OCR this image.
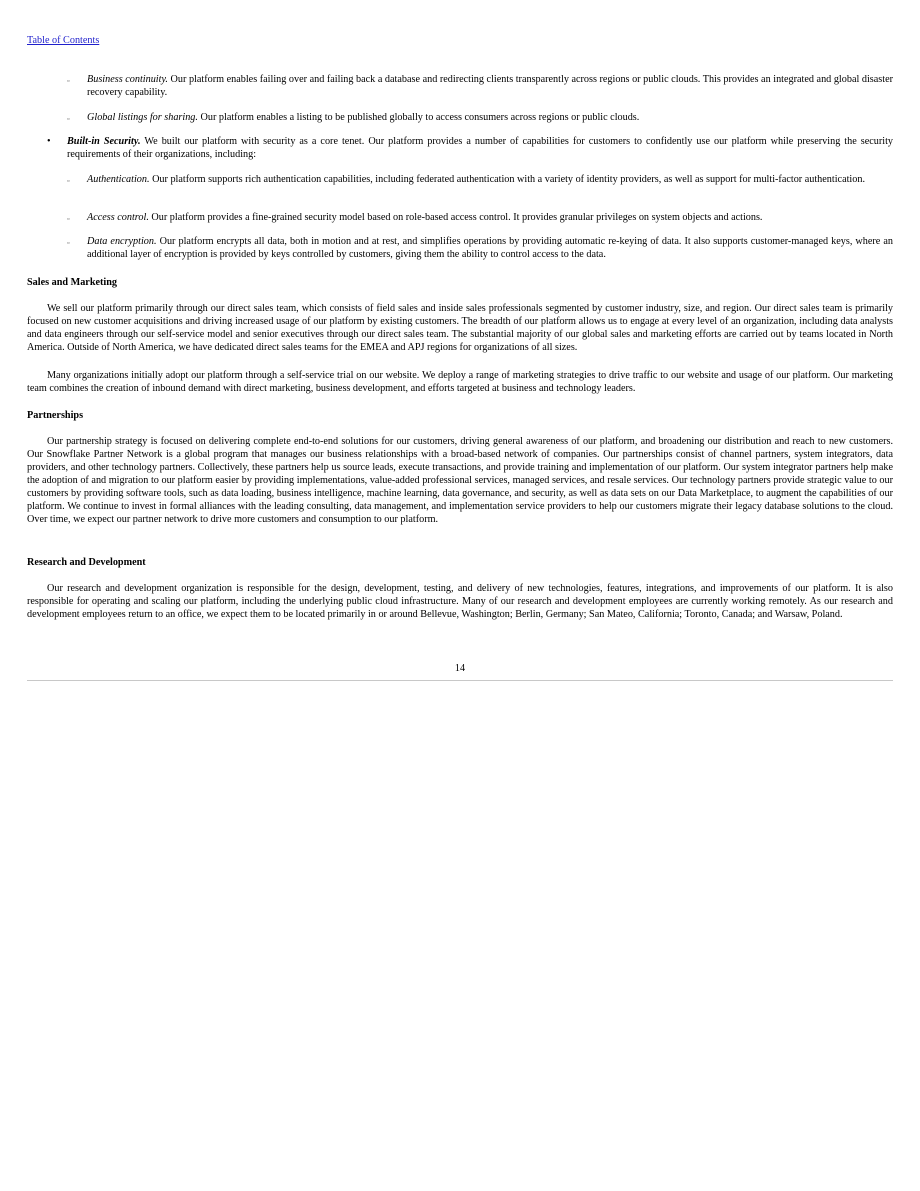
Table of Contents
▫ Business continuity. Our platform enables failing over and failing back a database and redirecting clients transparently across regions or public clouds. This provides an integrated and global disaster recovery capability.
▫ Global listings for sharing. Our platform enables a listing to be published globally to access consumers across regions or public clouds.
• Built-in Security. We built our platform with security as a core tenet. Our platform provides a number of capabilities for customers to confidently use our platform while preserving the security requirements of their organizations, including:
▫ Authentication. Our platform supports rich authentication capabilities, including federated authentication with a variety of identity providers, as well as support for multi-factor authentication.
▫ Access control. Our platform provides a fine-grained security model based on role-based access control. It provides granular privileges on system objects and actions.
▫ Data encryption. Our platform encrypts all data, both in motion and at rest, and simplifies operations by providing automatic re-keying of data. It also supports customer-managed keys, where an additional layer of encryption is provided by keys controlled by customers, giving them the ability to control access to the data.
Sales and Marketing
We sell our platform primarily through our direct sales team, which consists of field sales and inside sales professionals segmented by customer industry, size, and region. Our direct sales team is primarily focused on new customer acquisitions and driving increased usage of our platform by existing customers. The breadth of our platform allows us to engage at every level of an organization, including data analysts and data engineers through our self-service model and senior executives through our direct sales team. The substantial majority of our global sales and marketing efforts are carried out by teams located in North America. Outside of North America, we have dedicated direct sales teams for the EMEA and APJ regions for organizations of all sizes.
Many organizations initially adopt our platform through a self-service trial on our website. We deploy a range of marketing strategies to drive traffic to our website and usage of our platform. Our marketing team combines the creation of inbound demand with direct marketing, business development, and efforts targeted at business and technology leaders.
Partnerships
Our partnership strategy is focused on delivering complete end-to-end solutions for our customers, driving general awareness of our platform, and broadening our distribution and reach to new customers. Our Snowflake Partner Network is a global program that manages our business relationships with a broad-based network of companies. Our partnerships consist of channel partners, system integrators, data providers, and other technology partners. Collectively, these partners help us source leads, execute transactions, and provide training and implementation of our platform. Our system integrator partners help make the adoption of and migration to our platform easier by providing implementations, value-added professional services, managed services, and resale services. Our technology partners provide strategic value to our customers by providing software tools, such as data loading, business intelligence, machine learning, data governance, and security, as well as data sets on our Data Marketplace, to augment the capabilities of our platform. We continue to invest in formal alliances with the leading consulting, data management, and implementation service providers to help our customers migrate their legacy database solutions to the cloud. Over time, we expect our partner network to drive more customers and consumption to our platform.
Research and Development
Our research and development organization is responsible for the design, development, testing, and delivery of new technologies, features, integrations, and improvements of our platform. It is also responsible for operating and scaling our platform, including the underlying public cloud infrastructure. Many of our research and development employees are currently working remotely. As our research and development employees return to an office, we expect them to be located primarily in or around Bellevue, Washington; Berlin, Germany; San Mateo, California; Toronto, Canada; and Warsaw, Poland.
14
